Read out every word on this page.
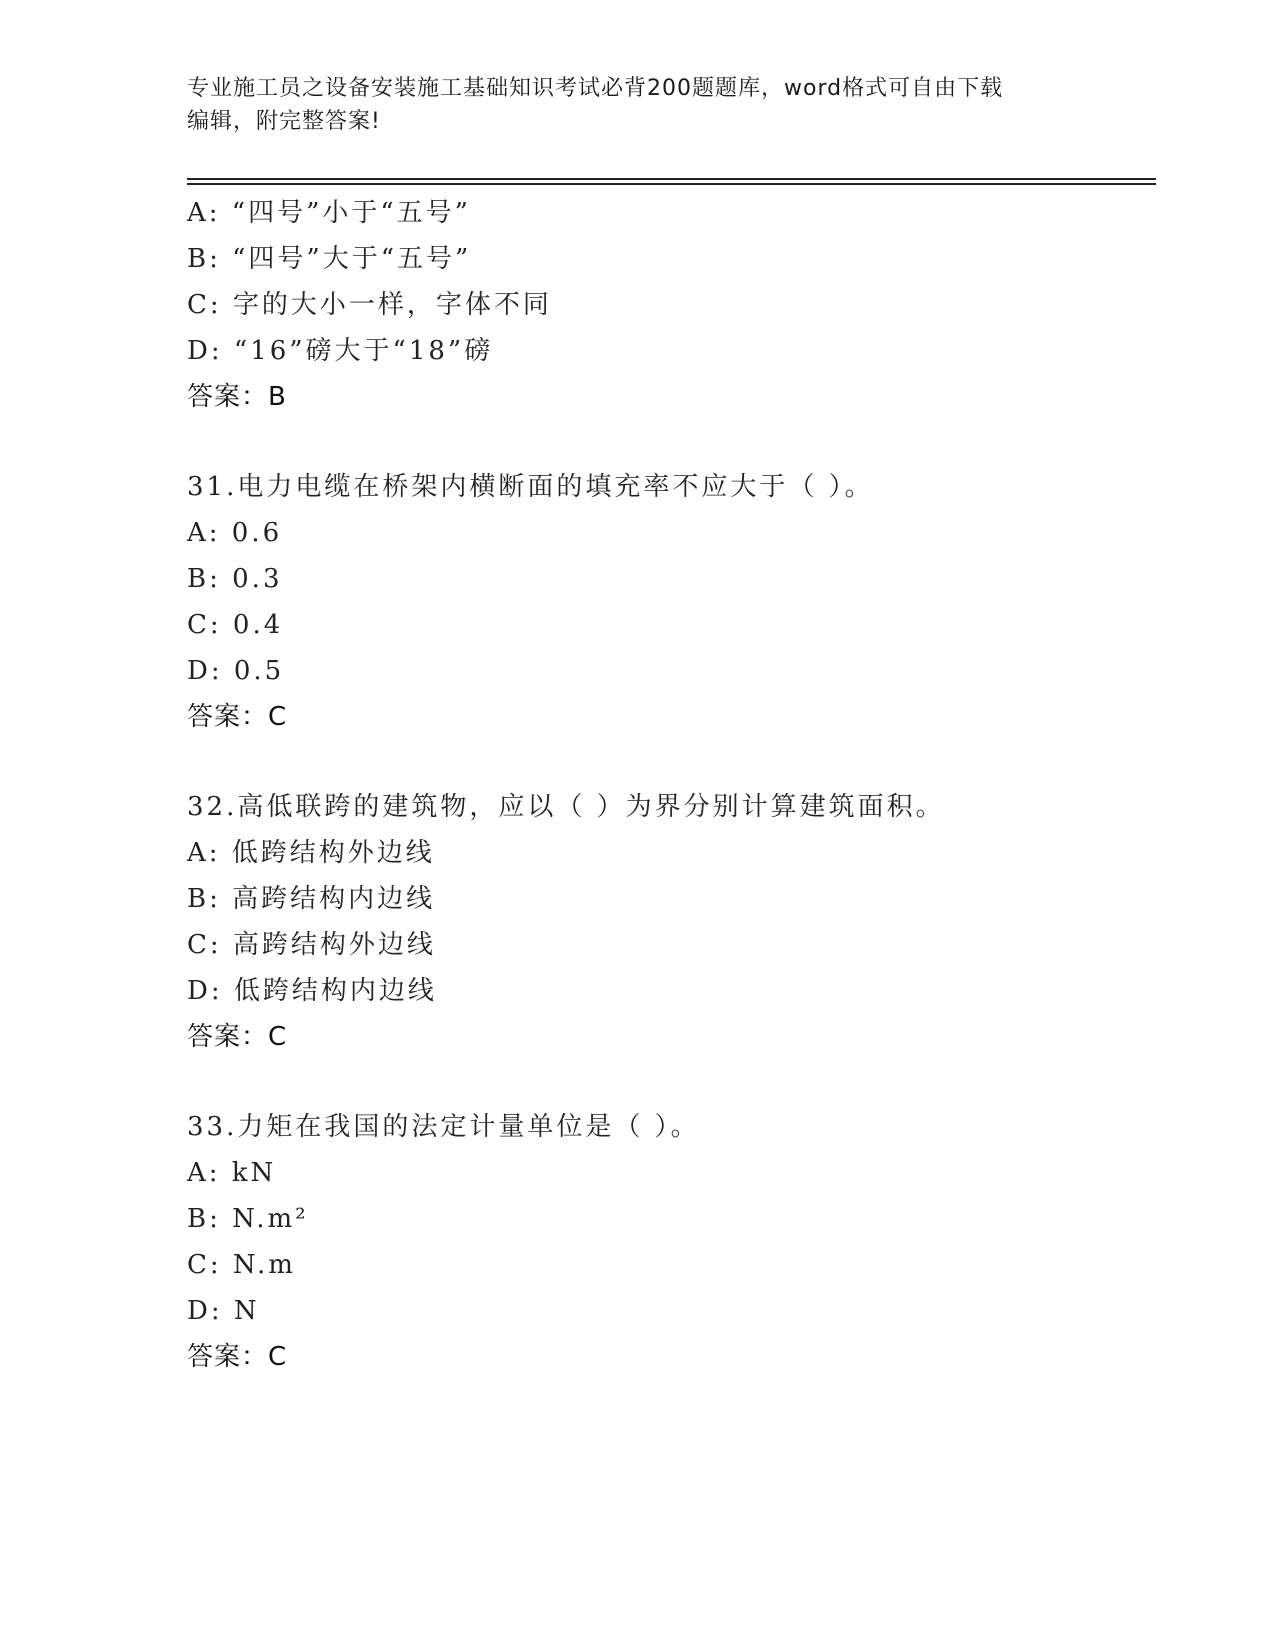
专业施工员之设备安装施工基础知识考试必背200题题库，word格式可自由下载
编辑，附完整答案!
A: “四号”小于“五号”
B: “四号”大于“五号”
C: 字的大小一样，字体不同
D: “16”磅大于“18”磅
答案：B
31.电力电缆在桥架内横断面的填充率不应大于（ ）。
A: 0.6
B: 0.3
C: 0.4
D: 0.5
答案：C
32.高低联跨的建筑物，应以（ ）为界分别计算建筑面积。
A: 低跨结构外边线
B: 高跨结构内边线
C: 高跨结构外边线
D: 低跨结构内边线
答案：C
33.力矩在我国的法定计量单位是（ ）。
A: kN
B: N.m²
C: N.m
D: N
答案：C
